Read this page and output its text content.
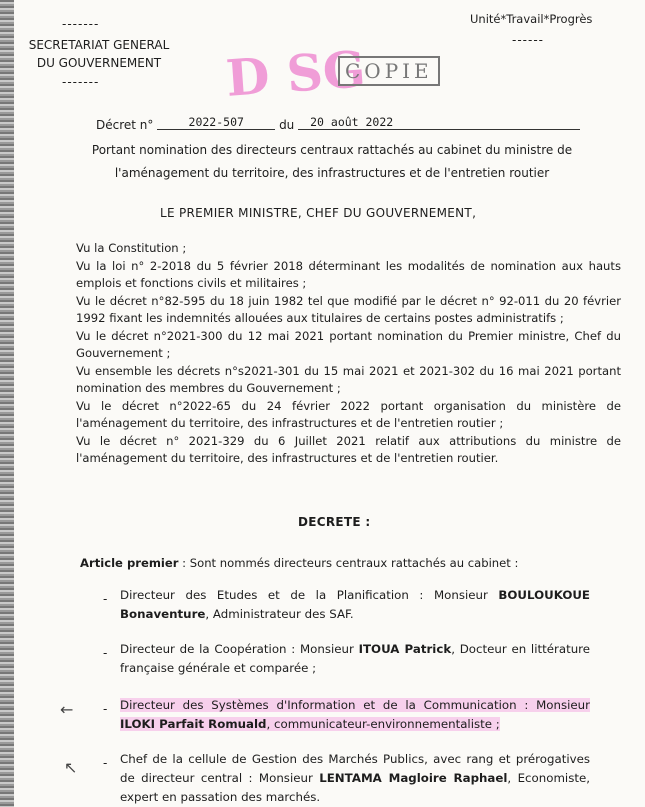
-------
SECRETARIAT GENERAL
DU GOUVERNEMENT
-------
Unité*Travail*Progrès
------
D SG
COPIE
Décret n°	2022-507	du 20 août 2022
Portant nomination des directeurs centraux rattachés au cabinet du ministre de l'aménagement du territoire, des infrastructures et de l'entretien routier
LE PREMIER MINISTRE, CHEF DU GOUVERNEMENT,

Vu la Constitution ;

Vu la loi n° 2-2018 du 5 février 2018 déterminant les modalités de nomination aux hauts emplois et fonctions civils et militaires ;

Vu le décret n°82-595 du 18 juin 1982 tel que modifié par le décret n° 92-011 du 20 février 1992 fixant les indemnités allouées aux titulaires de certains postes administratifs ;

Vu le décret n°2021-300 du 12 mai 2021 portant nomination du Premier ministre, Chef du Gouvernement ;

Vu ensemble les décrets n°s2021-301 du 15 mai 2021 et 2021-302 du 16 mai 2021 portant nomination des membres du Gouvernement ;

Vu le décret n°2022-65 du 24 février 2022 portant organisation du ministère de l'aménagement du territoire, des infrastructures et de l'entretien routier ;

Vu le décret n° 2021-329 du 6 Juillet 2021 relatif aux attributions du ministre de l'aménagement du territoire, des infrastructures et de l'entretien routier.

DECRETE :
Article premier : Sont nommés directeurs centraux rattachés au cabinet :
- Directeur des Etudes et de la Planification : Monsieur BOULOUKOUE Bonaventure, Administrateur des SAF.
- Directeur de la Coopération : Monsieur ITOUA Patrick, Docteur en littérature française générale et comparée ;
← - Directeur des Systèmes d'Information et de la Communication : Monsieur ILOKI Parfait Romuald, communicateur-environnementaliste ;
↖ - Chef de la cellule de Gestion des Marchés Publics, avec rang et prérogatives de directeur central : Monsieur LENTAMA Magloire Raphael, Economiste, expert en passation des marchés.
